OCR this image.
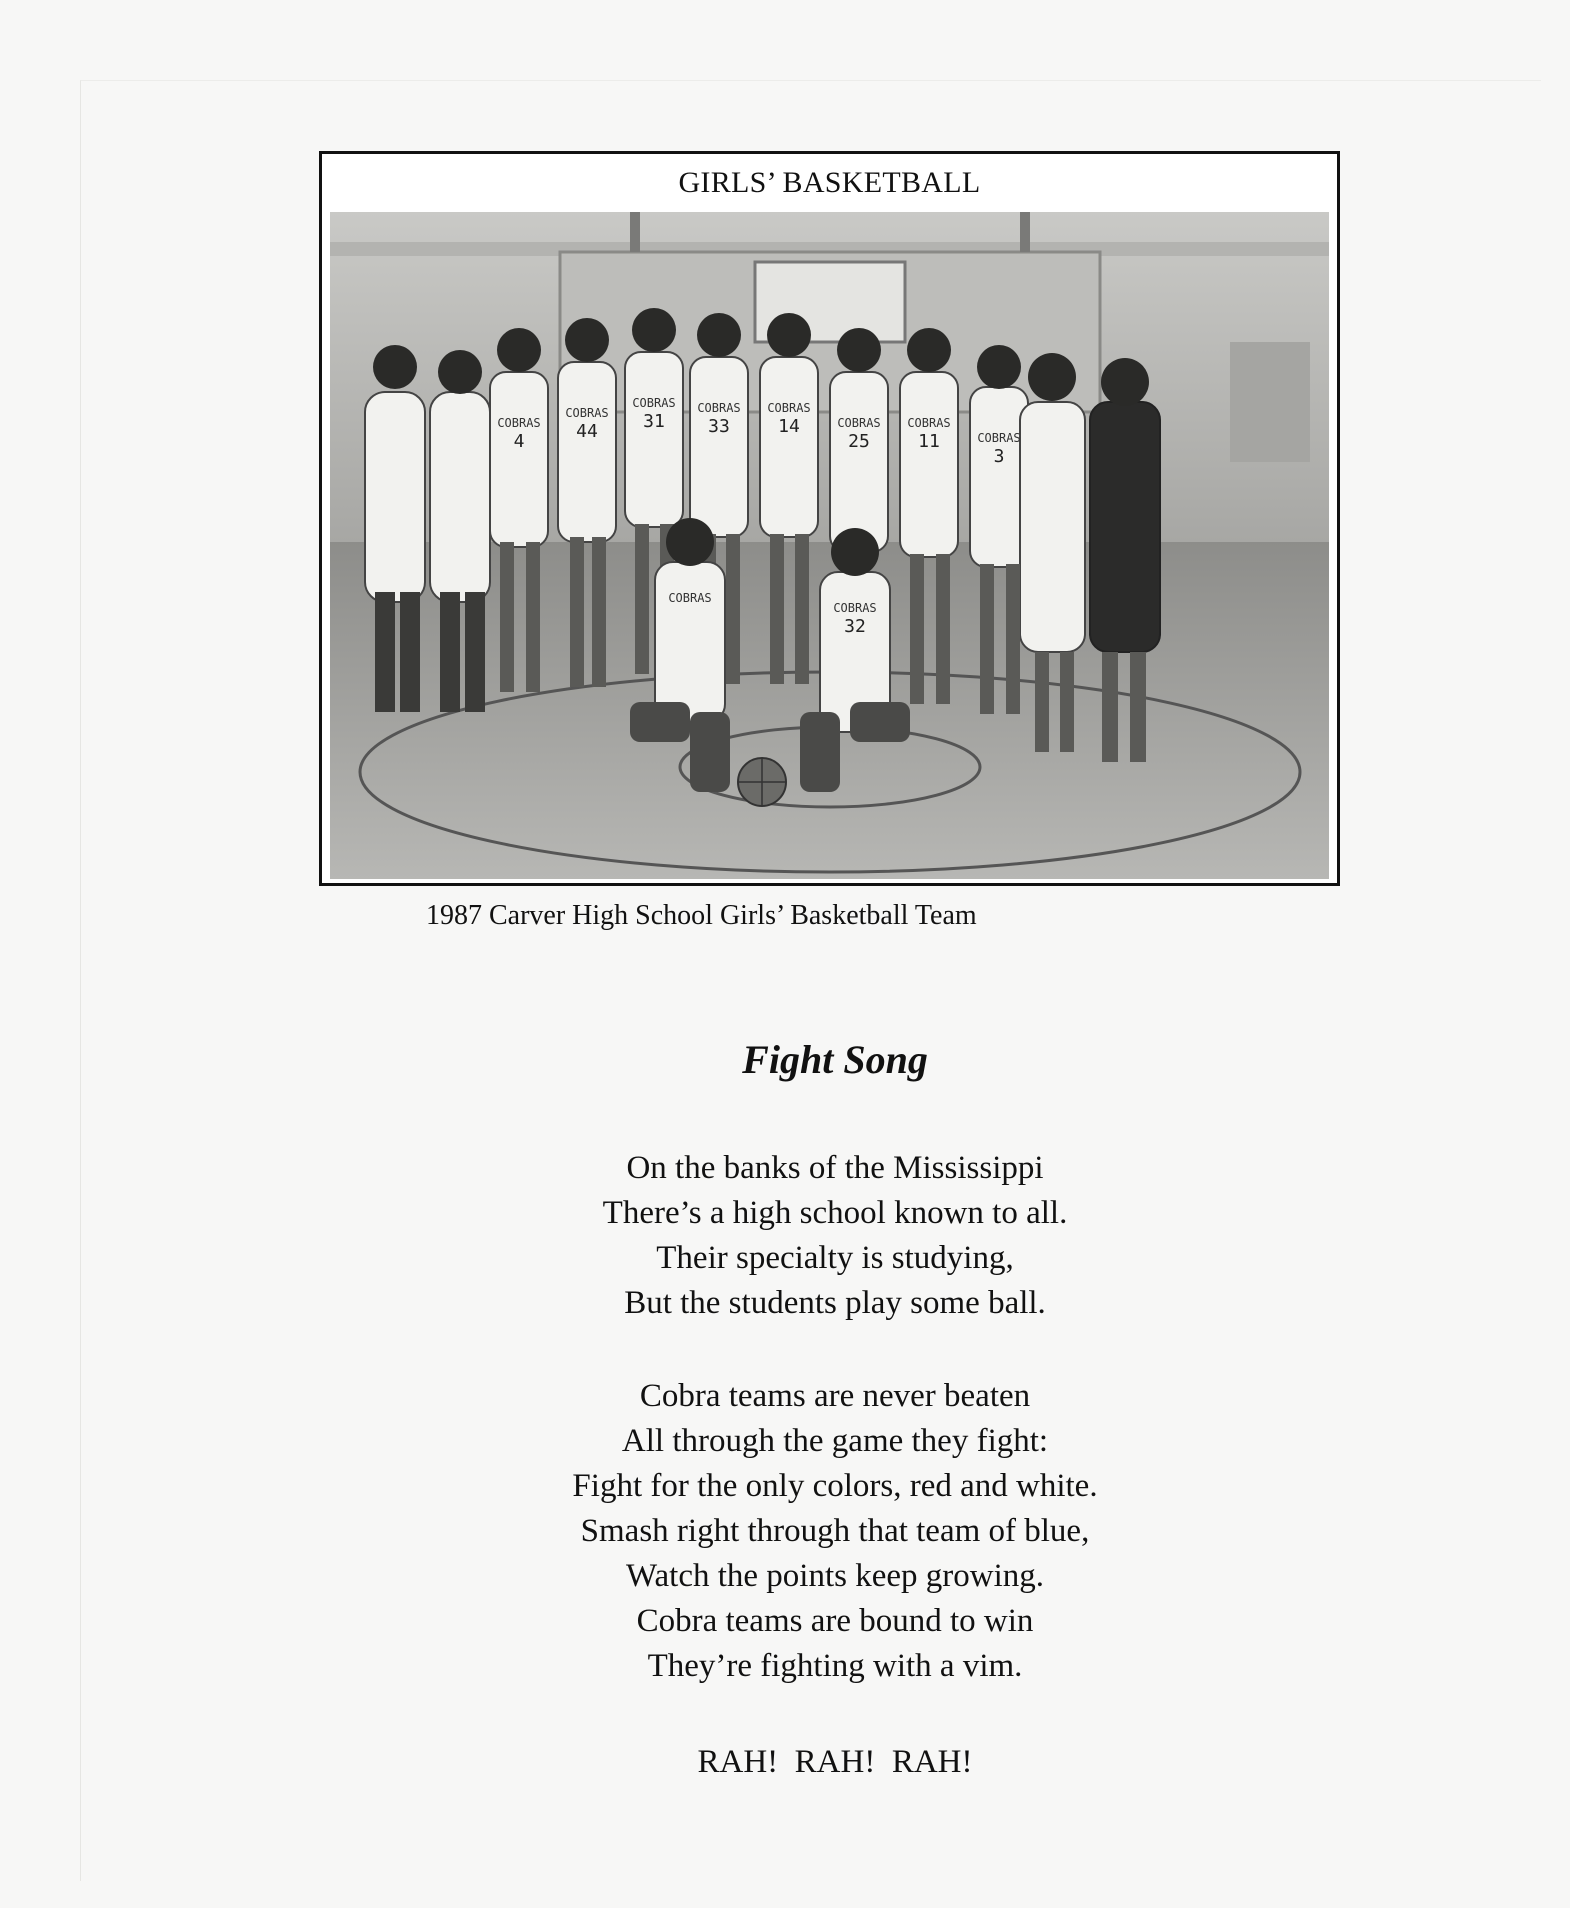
GIRLS’ BASKETBALL
4	44	31 33	14
25	11
3
32
COBRAS
COBRAS
COBRAS COBRAS COBRAS
COBRAS COBRAS
COBRAS
COBRAS
COBRAS
1987 Carver High School Girls’ Basketball Team
Fight Song
On the banks of the Mississippi
There’s a high school known to all.
Their specialty is studying,
But the students play some ball.
Cobra teams are never beaten
All through the game they fight:
Fight for the only colors, red and white.
Smash right through that team of blue,
Watch the points keep growing.
Cobra teams are bound to win
They’re fighting with a vim.
RAH!  RAH!  RAH!
